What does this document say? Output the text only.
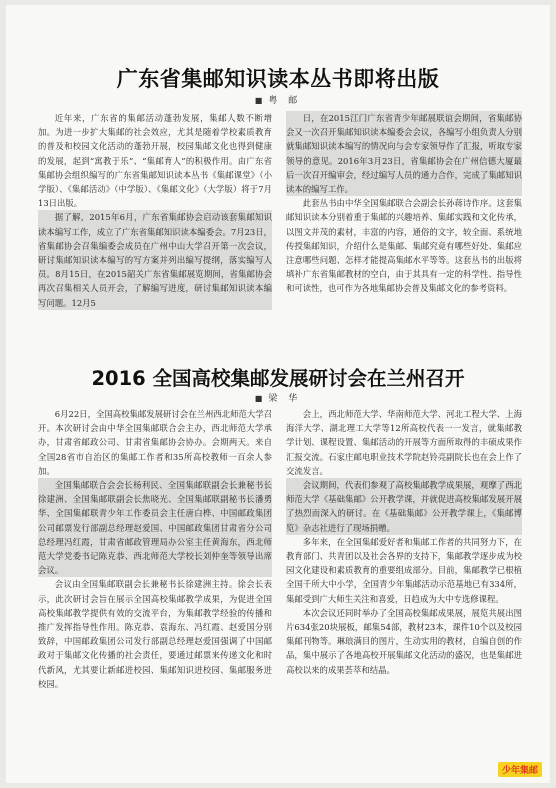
广东省集邮知识读本丛书即将出版
■ 粤 邮

近年来，广东省的集邮活动蓬勃发展，集邮人数不断增加。为进一步扩大集邮的社会效应，尤其是随着学校素质教育的普及和校园文化活动的蓬勃开展，校园集邮文化也得到健康的发展，起到“寓教于乐”、“集邮育人”的积极作用。由广东省集邮协会组织编写的广东省集邮知识读本丛书《集邮课堂》（小学版）、《集邮活动》（中学版）、《集邮文化》（大学版）将于7月13日出版。

据了解，2015年6月，广东省集邮协会启动该套集邮知识读本编写工作，成立了广东省集邮知识读本编委会。7月23日，省集邮协会召集编委会成员在广州中山大学召开第一次会议，研讨集邮知识读本编写的写方案并列出编写提纲，落实编写人员。8月15日，在2015韶关广东省集邮展览期间，省集邮协会再次召集相关人员开会，了解编写进度，研讨集邮知识读本编写问题。12月5

日，在2015江门广东省青少年邮展联谊会期间，省集邮协会又一次召开集邮知识读本编委会会议，各编写小组负责人分别就集邮知识读本编写的情况向与会专家领导作了汇报，听取专家领导的意见。2016年3月23日，省集邮协会在广州信德大厦最后一次召开编审会，经过编写人员的通力合作，完成了集邮知识读本的编写工作。

此套丛书由中华全国集邮联合会副会长孙蒋诗作序。这套集邮知识读本分别着重于集邮的兴趣培养、集邮实践和文化传承，以图文并茂的素材，丰富的内容，通俗的文字，较全面、系统地传授集邮知识，介绍什么是集邮、集邮究竟有哪些好处、集邮应注意哪些问题、怎样才能提高集邮水平等等。这套丛书的出版将填补广东省集邮教材的空白，由于其具有一定的科学性、指导性和可读性，也可作为各地集邮协会普及集邮文化的参考资料。

2016 全国高校集邮发展研讨会在兰州召开
■ 梁 华

6月22日，全国高校集邮发展研讨会在兰州西北师范大学召开。本次研讨会由中华全国集邮联合会主办，西北师范大学承办，甘肃省邮政公司、甘肃省集邮协会协办。会期两天。来自全国28省市自治区的集邮工作者和35所高校教师一百余人参加。

全国集邮联合会会长杨利民、全国集邮联副会长兼秘书长徐建洲、全国集邮联副会长焦晓光、全国集邮联副秘书长潘勇华、全国集邮联青少年工作委员会主任唐白桦、中国邮政集团公司邮票发行部副总经理赵爱国、中国邮政集团甘肃省分公司总经理冯红霞，甘肃省邮政管理局办公室主任黄海东，西北师范大学党委书记陈克恭、西北师范大学校长刘仲奎等领导出席会议。

会议由全国集邮联副会长兼秘书长徐建洲主持。徐会长表示，此次研讨会旨在展示全国高校集邮教学成果，为促进全国高校集邮教学提供有效的交流平台，为集邮教学经验的传播和推广发挥指导性作用。陈克恭、袁海东、冯红霞、赵爱国分别致辞，中国邮政集团公司发行部副总经理赵爱国强调了中国邮政对于集邮文化传播的社会责任，要通过邮票来传递文化和时代新风，尤其要让新邮进校园、集邮知识进校园、集邮服务进校园。

会上，西北师范大学、华南师范大学、河北工程大学、上海海洋大学、湖北理工大学等12所高校代表一一发言，就集邮教学计划、课程设置、集邮活动的开展等方面所取得的丰硕成果作汇报交流。石家庄邮电职业技术学院赵铃亮副院长也在会上作了交流发言。

会议期间，代表们参观了高校集邮教学成果展，观摩了西北师范大学《基础集邮》公开教学课，并就促进高校集邮发展开展了热烈而深入的研讨。在《基础集邮》公开教学课上，《集邮博览》杂志社进行了现场捐赠。

多年来，在全国集邮爱好者和集邮工作者的共同努力下，在教育部门、共青团以及社会各界的支持下，集邮教学逐步成为校园文化建设和素质教育的重要组成部分。目前，集邮教学已根植全国千所大中小学，全国青少年集邮活动示范基地已有334所，集邮受到广大师生关注和喜爱，日趋成为大中专选修课程。

本次会议还同时举办了全国高校集邮成果展，展览共展出图片634张20块展板，邮集54部，教材23本，课件10个以及校园集邮刊物等。琳琅满目的图片，生动实用的教材，自编自创的作品，集中展示了各地高校开展集邮文化活动的盛况，也是集邮进高校以来的成果荟萃和结晶。

少年集邮
